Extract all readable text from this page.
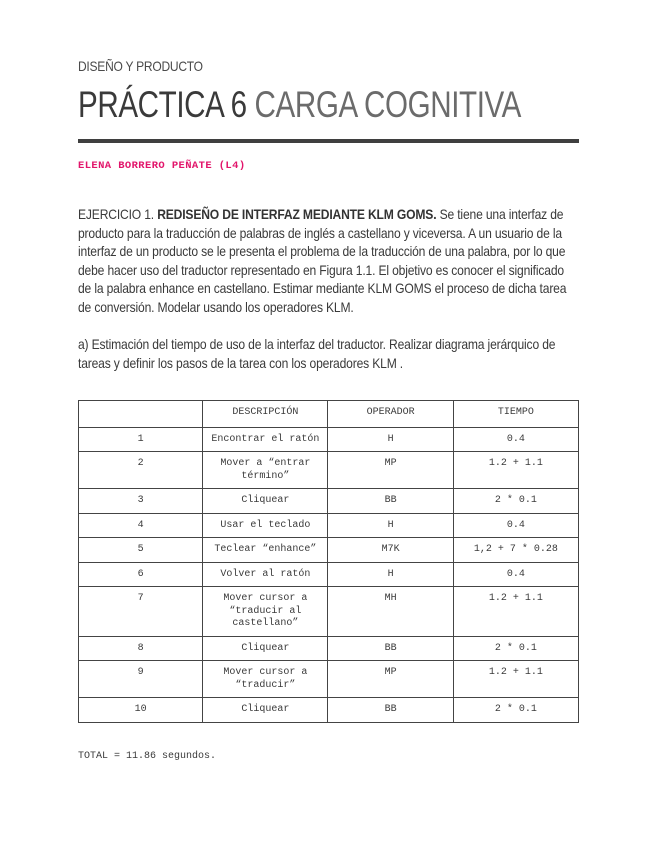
DISEÑO Y PRODUCTO
PRÁCTICA 6 CARGA COGNITIVA
ELENA BORRERO PEÑATE (L4)
EJERCICIO 1. REDISEÑO DE INTERFAZ MEDIANTE KLM GOMS. Se tiene una interfaz de producto para la traducción de palabras de inglés a castellano y viceversa. A un usuario de la interfaz de un producto se le presenta el problema de la traducción de una palabra, por lo que debe hacer uso del traductor representado en Figura 1.1. El objetivo es conocer el significado de la palabra enhance en castellano. Estimar mediante KLM GOMS el proceso de dicha tarea de conversión. Modelar usando los operadores KLM.
a) Estimación del tiempo de uso de la interfaz del traductor. Realizar diagrama jerárquico de tareas y definir los pasos de la tarea con los operadores KLM .
	DESCRIPCIÓN	OPERADOR	TIEMPO
1	Encontrar el ratón	H	0.4
2	Mover a “entrar término”	MP	1.2 + 1.1
3	Cliquear	BB	2 * 0.1
4	Usar el teclado	H	0.4
5	Teclear “enhance”	M7K	1,2 + 7 * 0.28
6	Volver al ratón	H	0.4
7	Mover cursor a “traducir al castellano”	MH	1.2 + 1.1
8	Cliquear	BB	2 * 0.1
9	Mover cursor a “traducir”	MP	1.2 + 1.1
10	Cliquear	BB	2 * 0.1
TOTAL = 11.86 segundos.
